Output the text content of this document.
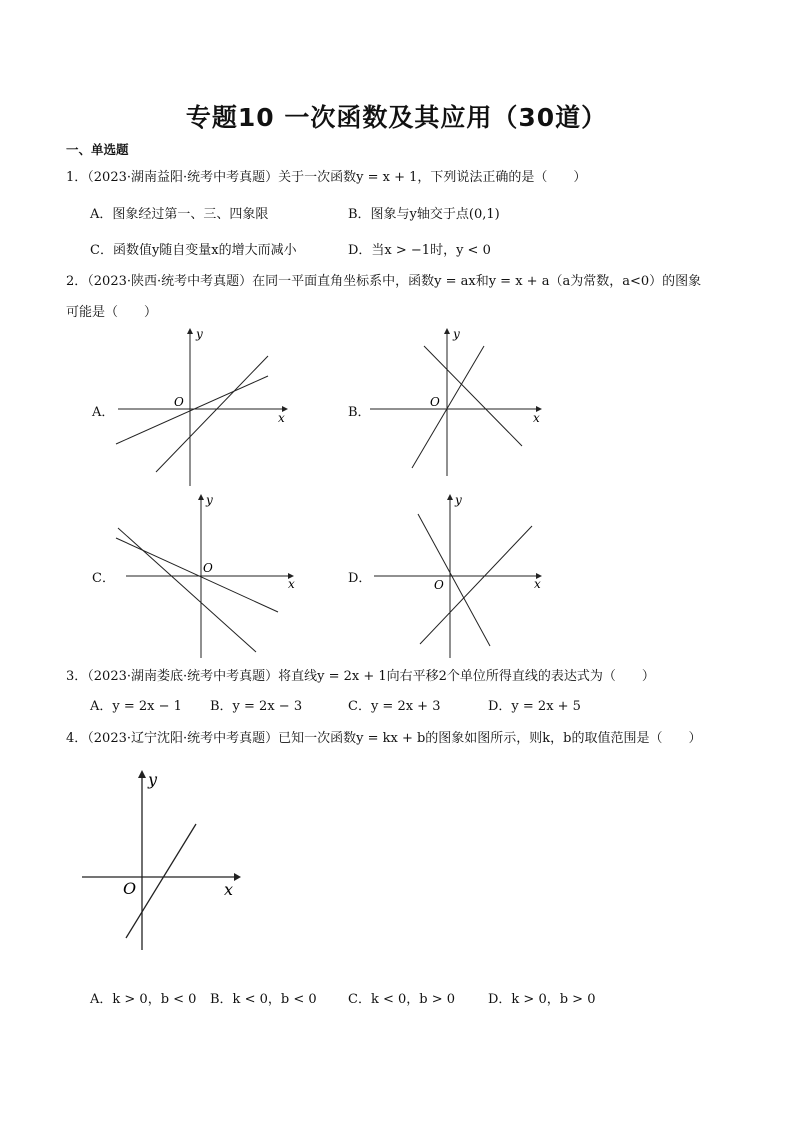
专题10 一次函数及其应用（30道）
一、单选题
1．（2023·湖南益阳·统考中考真题）关于一次函数y = x + 1，下列说法正确的是（　　）
A．图象经过第一、三、四象限	B．图象与y轴交于点(0,1)
C．函数值y随自变量x的增大而减小	D．当x > −1时，y < 0
2．（2023·陕西·统考中考真题）在同一平面直角坐标系中，函数y = ax和y = x + a（a为常数，a<0）的图象
可能是（　　）
A．
y
x
O
B．
y
x
O
C．
y
x
O
D．
y
x
O
3．（2023·湖南娄底·统考中考真题）将直线y = 2x + 1向右平移2个单位所得直线的表达式为（　　）
A．y = 2x − 1 B．y = 2x − 3	C．y = 2x + 3	D．y = 2x + 5
4．（2023·辽宁沈阳·统考中考真题）已知一次函数y = kx + b的图象如图所示，则k，b的取值范围是（　　）
y
x
O
A．k > 0，b < 0 B．k < 0，b < 0 C．k < 0，b > 0	D．k > 0，b > 0
